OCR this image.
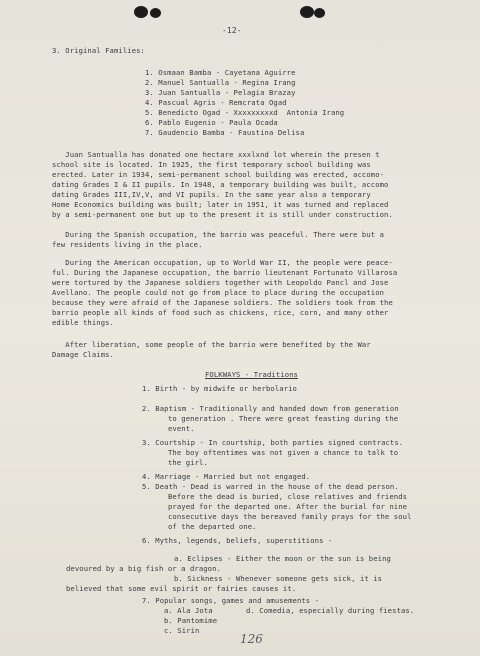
-12-
3. Original Families:
1. Osmaan Bamba - Cayetana Aguirre
2. Manuel Santualla - Regina Irang
3. Juan Santualla - Pelagia Brazay
4. Pascual Agris - Remcrata Ogad
5. Benedicto Ogad - Xxxxxxxxxd  Antonia Irang
6. Pablo Eugenio - Paula Ocada
7. Gaudencio Bamba - Faustina Delisa
Juan Santualla has donated one hectare xxxlxnd lot wherein the presen t
school site is located. In 1925, the first temporary school building was
erected. Later in 1934, semi-permanent school building was erected, accomo-
dating Grades I & II pupils. In 1948, a temporary building was built, accomo
dating Grades III,IV,V, and VI pupils. In the same year also a temporary
Home Economics building was built; later in 1951, it was turned and replaced
by a semi-permanent one but up to the present it is still under construction.
During the Spanish occupation, the barrio was peaceful. There were but a
few residents living in the place.
During the American occupation, up to World War II, the people were peace-
ful. During the Japanese occupation, the barrio lieutenant Fortunato Villarosa
were tortured by the Japanese soldiers together with Leopoldo Pancl and Jose
Avellano. The people could not go from place to place during the occupation
because they were afraid of the Japanese soldiers. The soldiers took from the
barrio people all kinds of food such as chickens, rice, corn, and many other
edible things.
After liberation, some people of the barrio were benefited by the War
Damage Claims.
FOLKWAYS - Traditions
1. Birth - by midwife or herbolario
2. Baptism - Traditionally and handed down from generation
to generation . There were great feasting during the
event.
3. Courtship - In courtship, both parties signed contracts.
The boy oftentimes was not given a chance to talk to
the girl.
4. Marriage - Married but not engaged.
5. Death - Dead is warred in the house of the dead person.
Before the dead is buried, close relatives and friends
prayed for the departed one. After the burial for nine
consecutive days the bereaved family prays for the soul
of the departed one.
6. Myths, legends, beliefs, superstitions -
a. Eclipses - Either the moon or the sun is being
devoured by a big fish or a dragon.
b. Sickness - Whenever someone gets sick, it is
believed that some evil spirit or fairies causes it.
7. Popular songs, games and amusements -
a. Ala Jota	d. Comedia, especially during fiestas.
b. Pantomime
c. Sirin
126
